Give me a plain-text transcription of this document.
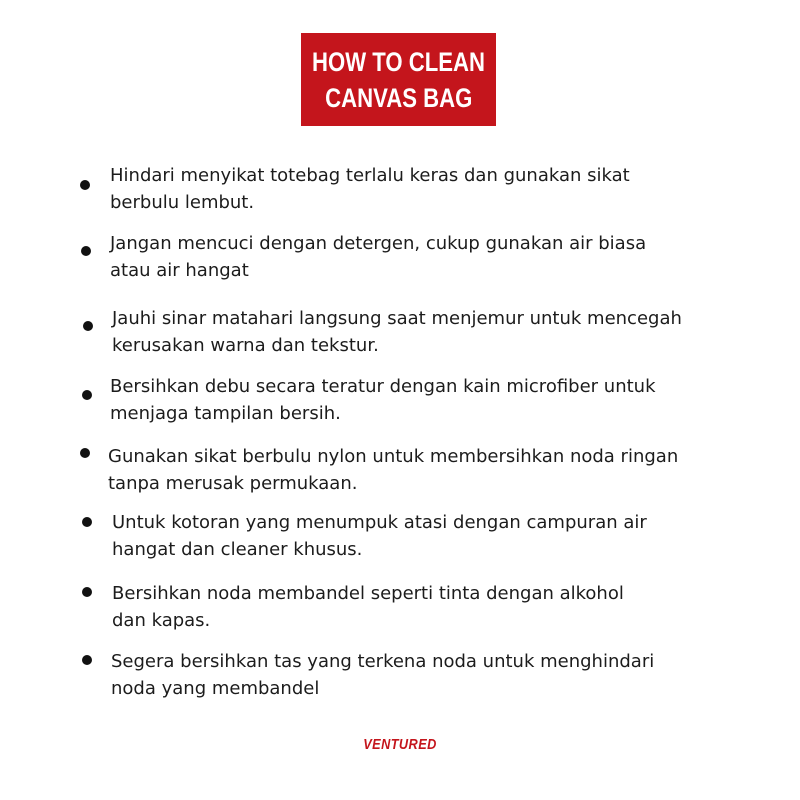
HOW TO CLEAN
CANVAS BAG
Hindari menyikat totebag terlalu keras dan gunakan sikat
berbulu lembut.
Jangan mencuci dengan detergen, cukup gunakan air biasa
atau air hangat
Jauhi sinar matahari langsung saat menjemur untuk mencegah
kerusakan warna dan tekstur.
Bersihkan debu secara teratur dengan kain microfiber untuk
menjaga tampilan bersih.
Gunakan sikat berbulu nylon untuk membersihkan noda ringan
tanpa merusak permukaan.
Untuk kotoran yang menumpuk atasi dengan campuran air
hangat dan cleaner khusus.
Bersihkan noda membandel seperti tinta dengan alkohol
dan kapas.
Segera bersihkan tas yang terkena noda untuk menghindari
noda yang membandel
VENTURED
